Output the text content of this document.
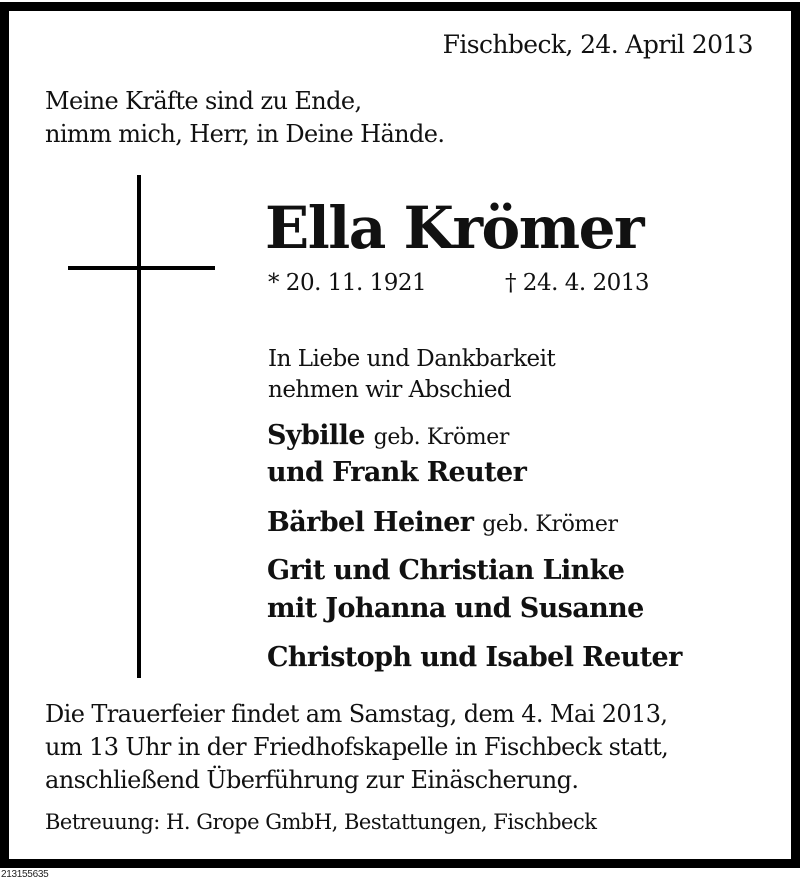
Fischbeck, 24. April 2013
Meine Kräfte sind zu Ende,
nimm mich, Herr, in Deine Hände.
Ella Krömer
* 20. 11. 1921	† 24. 4. 2013
In Liebe und Dankbarkeit
nehmen wir Abschied
Sybille geb. Krömer
und Frank Reuter
Bärbel Heiner geb. Krömer
Grit und Christian Linke
mit Johanna und Susanne
Christoph und Isabel Reuter
Die Trauerfeier findet am Samstag, dem 4. Mai 2013,
um 13 Uhr in der Friedhofskapelle in Fischbeck statt,
anschließend Überführung zur Einäscherung.
Betreuung: H. Grope GmbH, Bestattungen, Fischbeck
213155635
